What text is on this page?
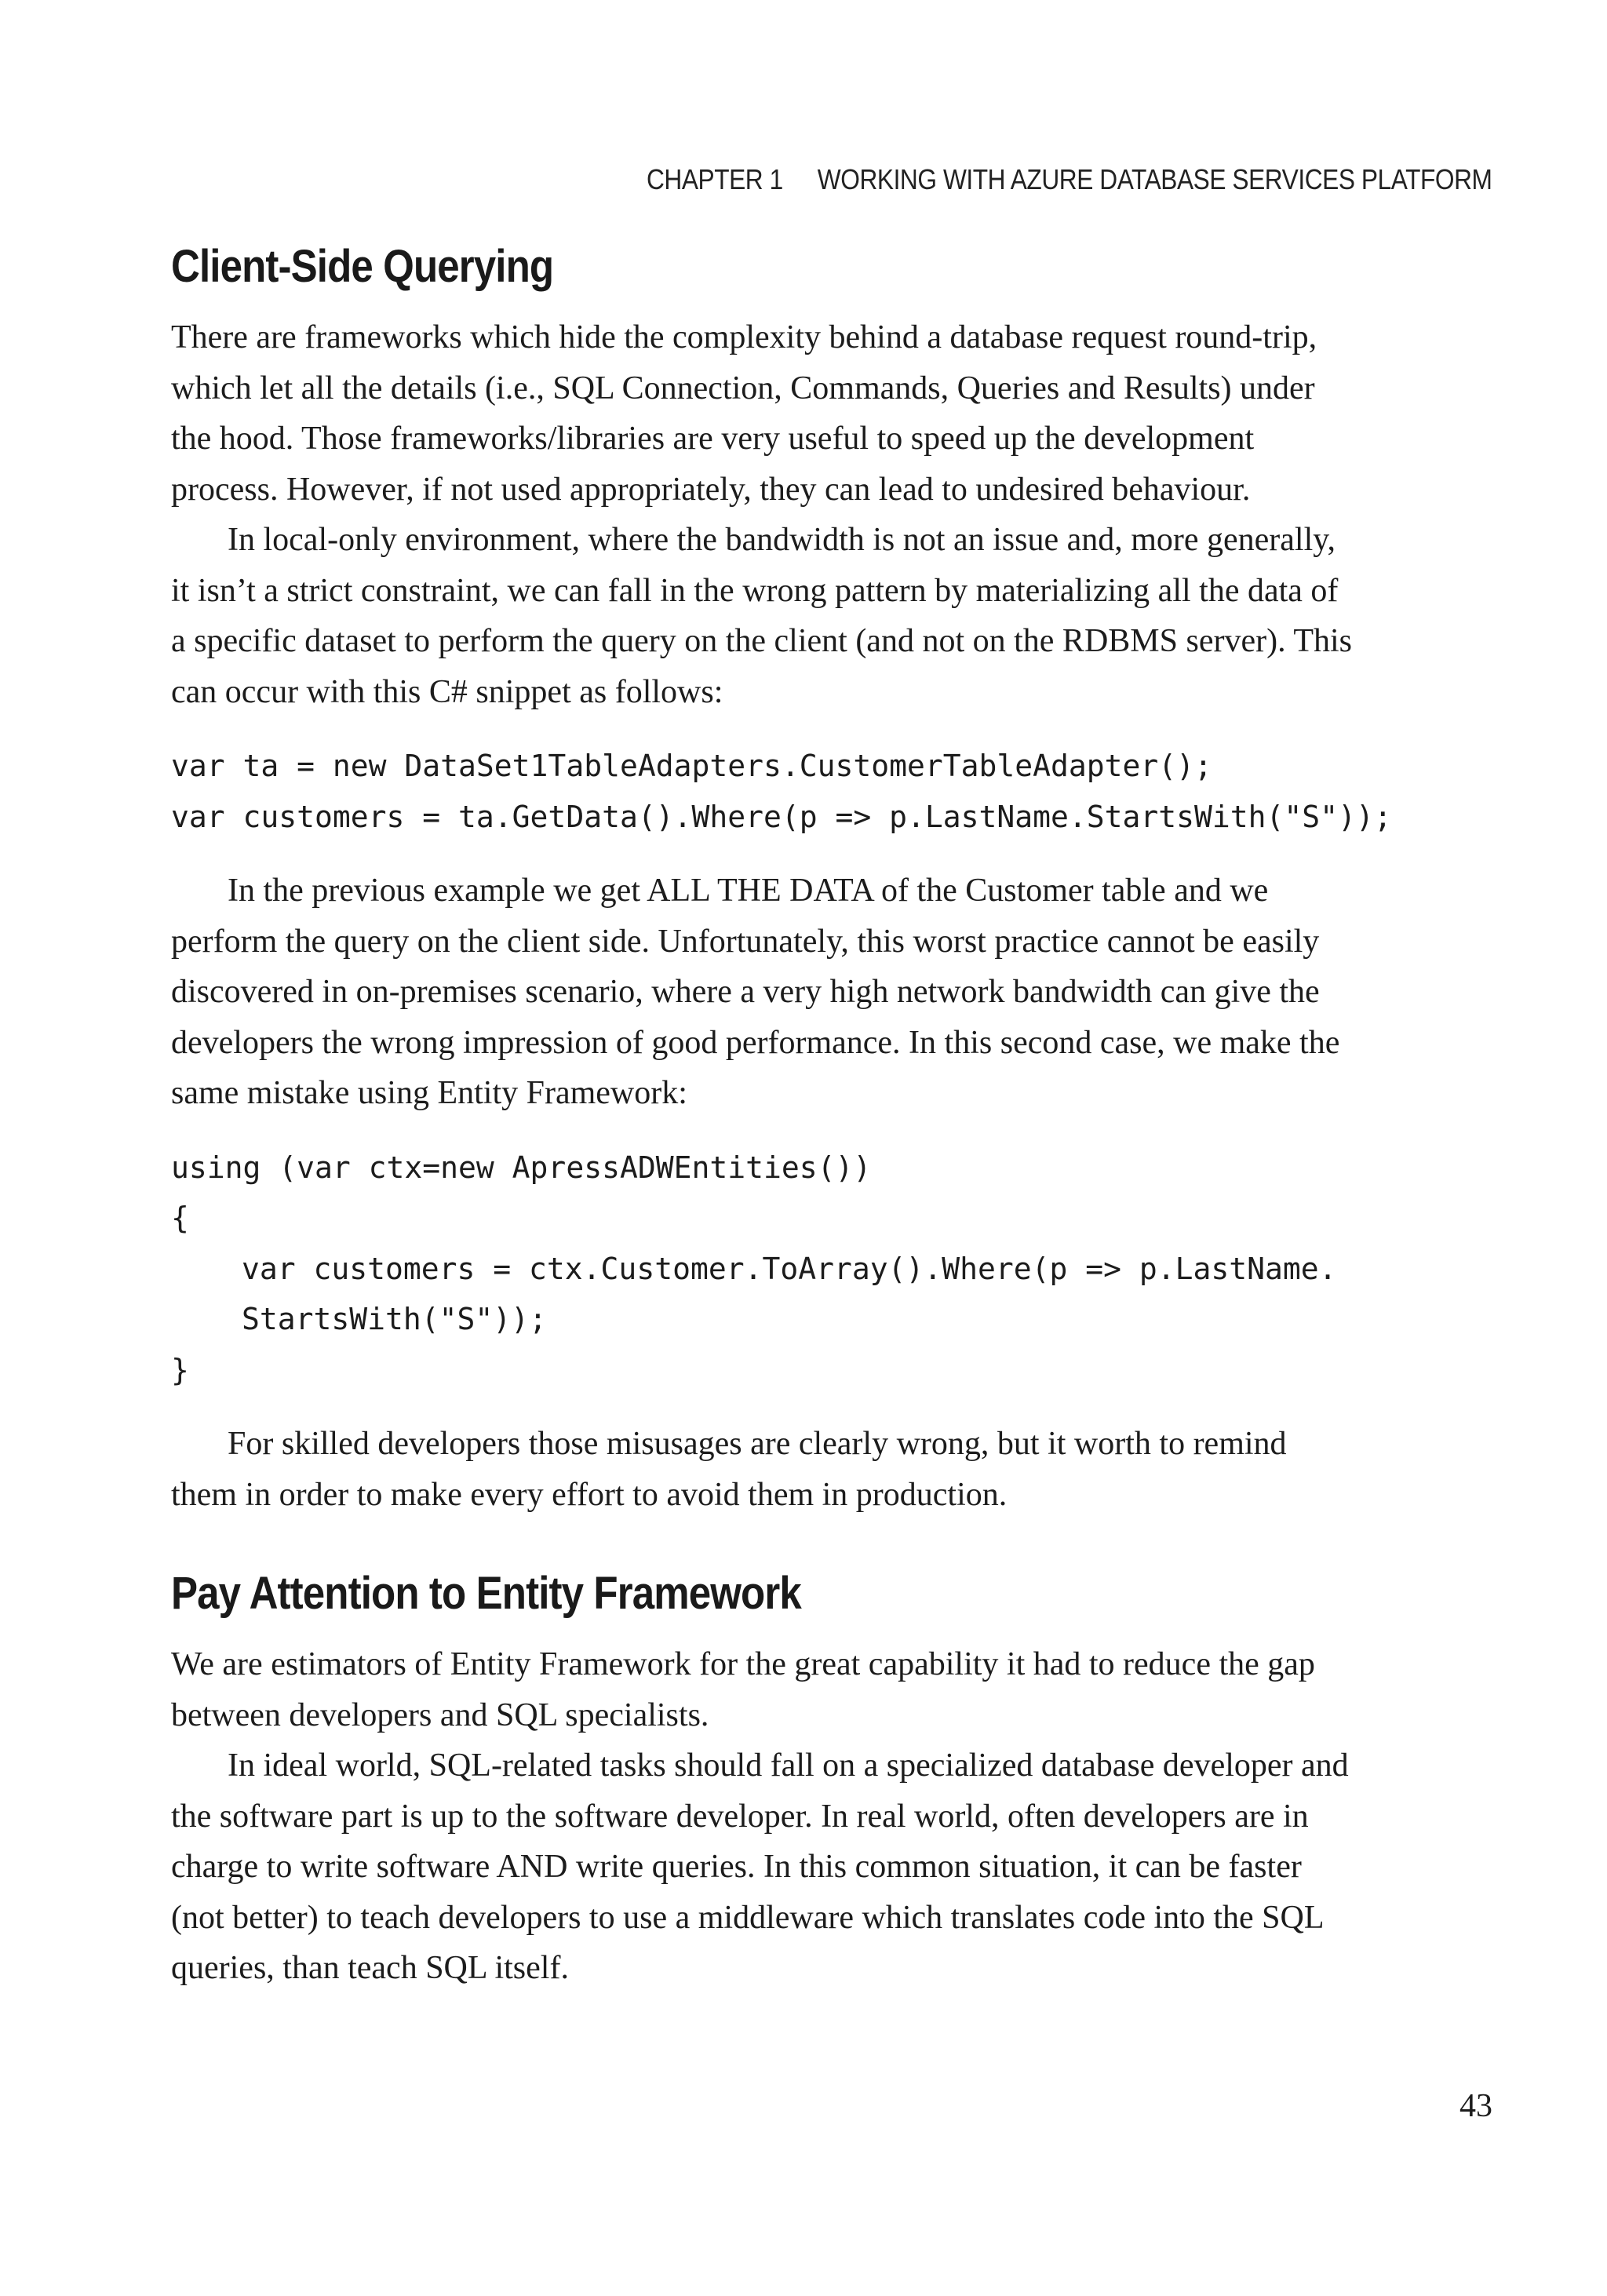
CHAPTER 1 WORKING WITH AZURE DATABASE SERVICES PLATFORM
Client-Side Querying

There are frameworks which hide the complexity behind a database request round-trip,
which let all the details (i.e., SQL Connection, Commands, Queries and Results) under
the hood. Those frameworks/libraries are very useful to speed up the development
process. However, if not used appropriately, they can lead to undesired behaviour.

In local-only environment, where the bandwidth is not an issue and, more generally,
it isn’t a strict constraint, we can fall in the wrong pattern by materializing all the data of
a specific dataset to perform the query on the client (and not on the RDBMS server). This
can occur with this C# snippet as follows:

var ta = new DataSet1TableAdapters.CustomerTableAdapter();
var customers = ta.GetData().Where(p => p.LastName.StartsWith("S"));

In the previous example we get ALL THE DATA of the Customer table and we
perform the query on the client side. Unfortunately, this worst practice cannot be easily
discovered in on-premises scenario, where a very high network bandwidth can give the
developers the wrong impression of good performance. In this second case, we make the
same mistake using Entity Framework:

using (var ctx=new ApressADWEntities())
{
var customers = ctx.Customer.ToArray().Where(p => p.LastName.
StartsWith("S"));
}

For skilled developers those misusages are clearly wrong, but it worth to remind
them in order to make every effort to avoid them in production.

Pay Attention to Entity Framework

We are estimators of Entity Framework for the great capability it had to reduce the gap
between developers and SQL specialists.

In ideal world, SQL-related tasks should fall on a specialized database developer and
the software part is up to the software developer. In real world, often developers are in
charge to write software AND write queries. In this common situation, it can be faster
(not better) to teach developers to use a middleware which translates code into the SQL
queries, than teach SQL itself.

43
